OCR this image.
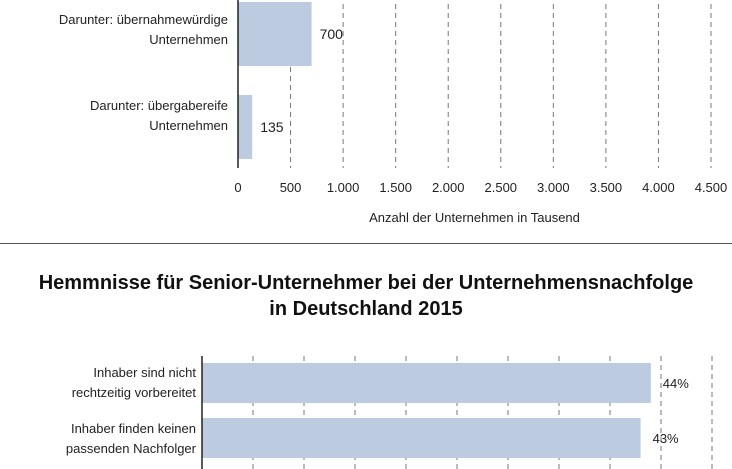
Darunter: übernahmewürdige
Unternehmen
Darunter: übergabereife
Unternehmen
Anzahl der Unternehmen in Tausend
Hemmnisse für Senior-Unternehmer bei der Unternehmensnachfolge
in Deutschland 2015
Inhaber sind nicht
rechtzeitig vorbereitet
Inhaber finden keinen
passenden Nachfolger
0	500 1.000 1.500 2.000 2.500 3.000 3.500 4.000 4.500
700
135
44%
43%
